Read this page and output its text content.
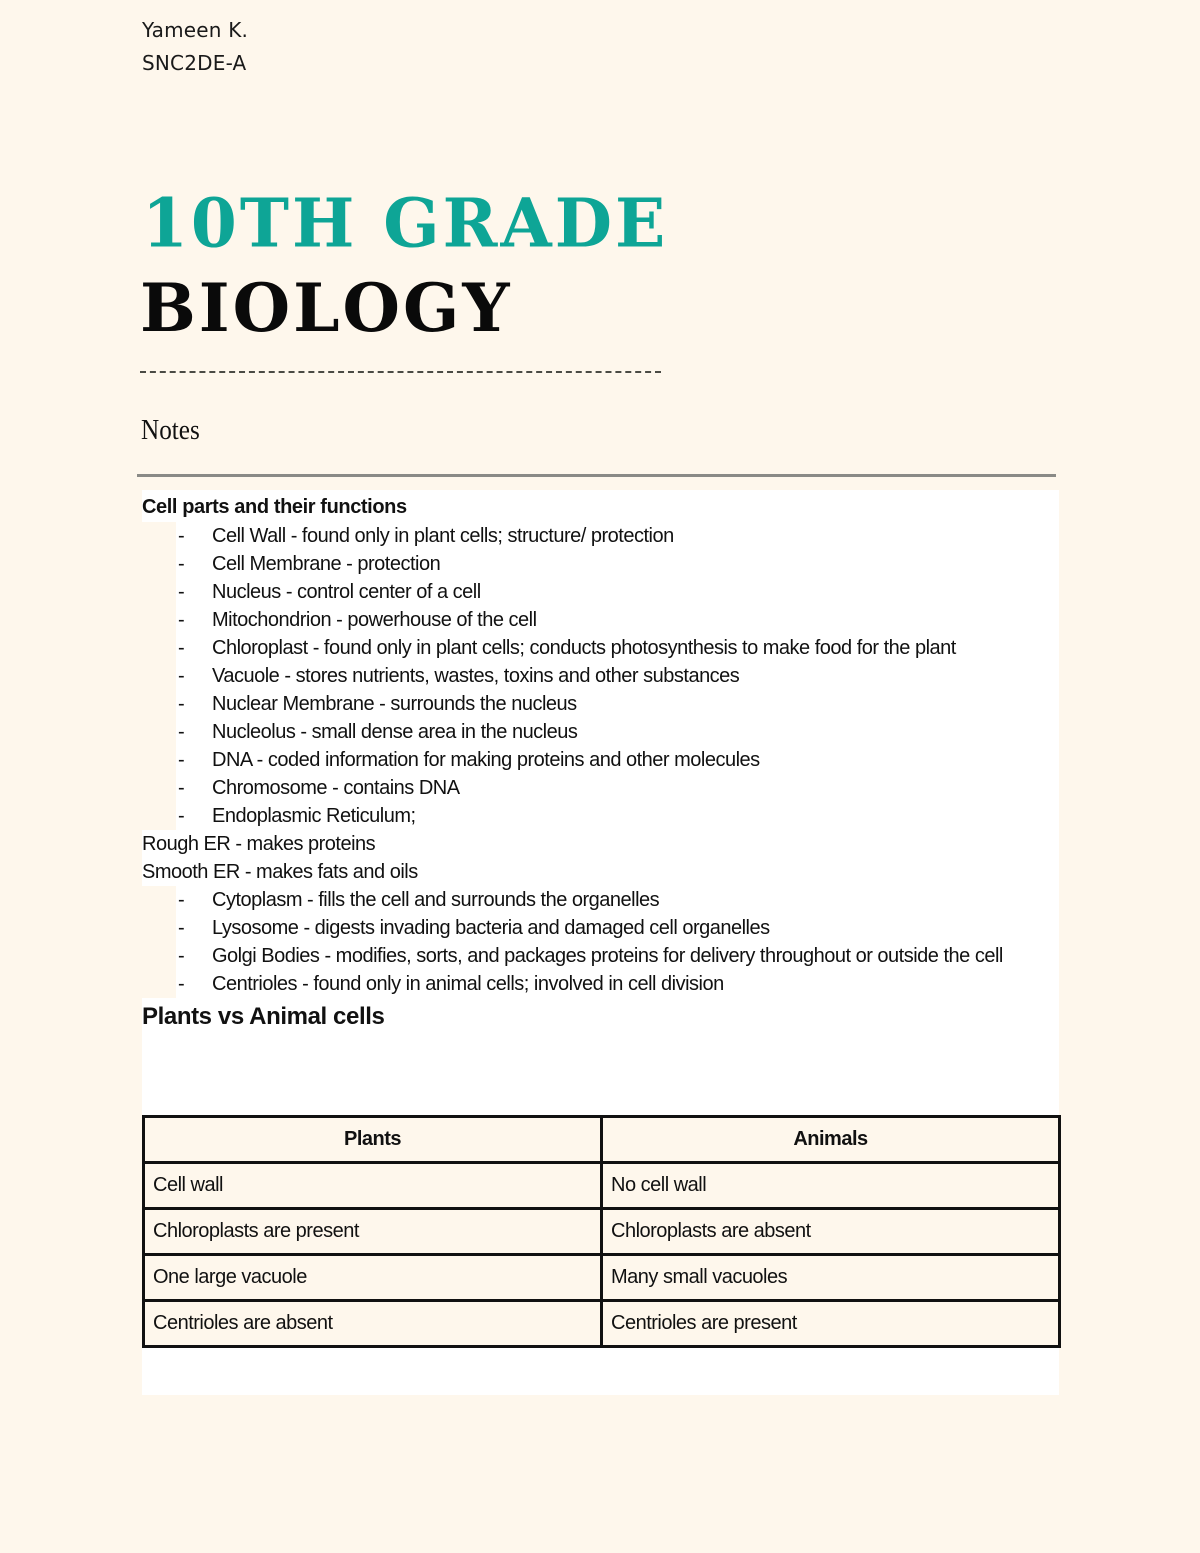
Yameen K.
SNC2DE-A
10TH GRADE
BIOLOGY
Notes
Cell parts and their functions
- Cell Wall - found only in plant cells; structure/ protection
- Cell Membrane - protection
- Nucleus - control center of a cell
- Mitochondrion - powerhouse of the cell
- Chloroplast - found only in plant cells; conducts photosynthesis to make food for the plant
- Vacuole - stores nutrients, wastes, toxins and other substances
- Nuclear Membrane - surrounds the nucleus
- Nucleolus - small dense area in the nucleus
- DNA - coded information for making proteins and other molecules
- Chromosome - contains DNA
- Endoplasmic Reticulum;
Rough ER - makes proteins
Smooth ER - makes fats and oils
- Cytoplasm - fills the cell and surrounds the organelles
- Lysosome - digests invading bacteria and damaged cell organelles
- Golgi Bodies - modifies, sorts, and packages proteins for delivery throughout or outside the cell
- Centrioles - found only in animal cells; involved in cell division
Plants vs Animal cells
Plants	Animals
Cell wall	No cell wall
Chloroplasts are present	Chloroplasts are absent
One large vacuole	Many small vacuoles
Centrioles are absent	Centrioles are present
